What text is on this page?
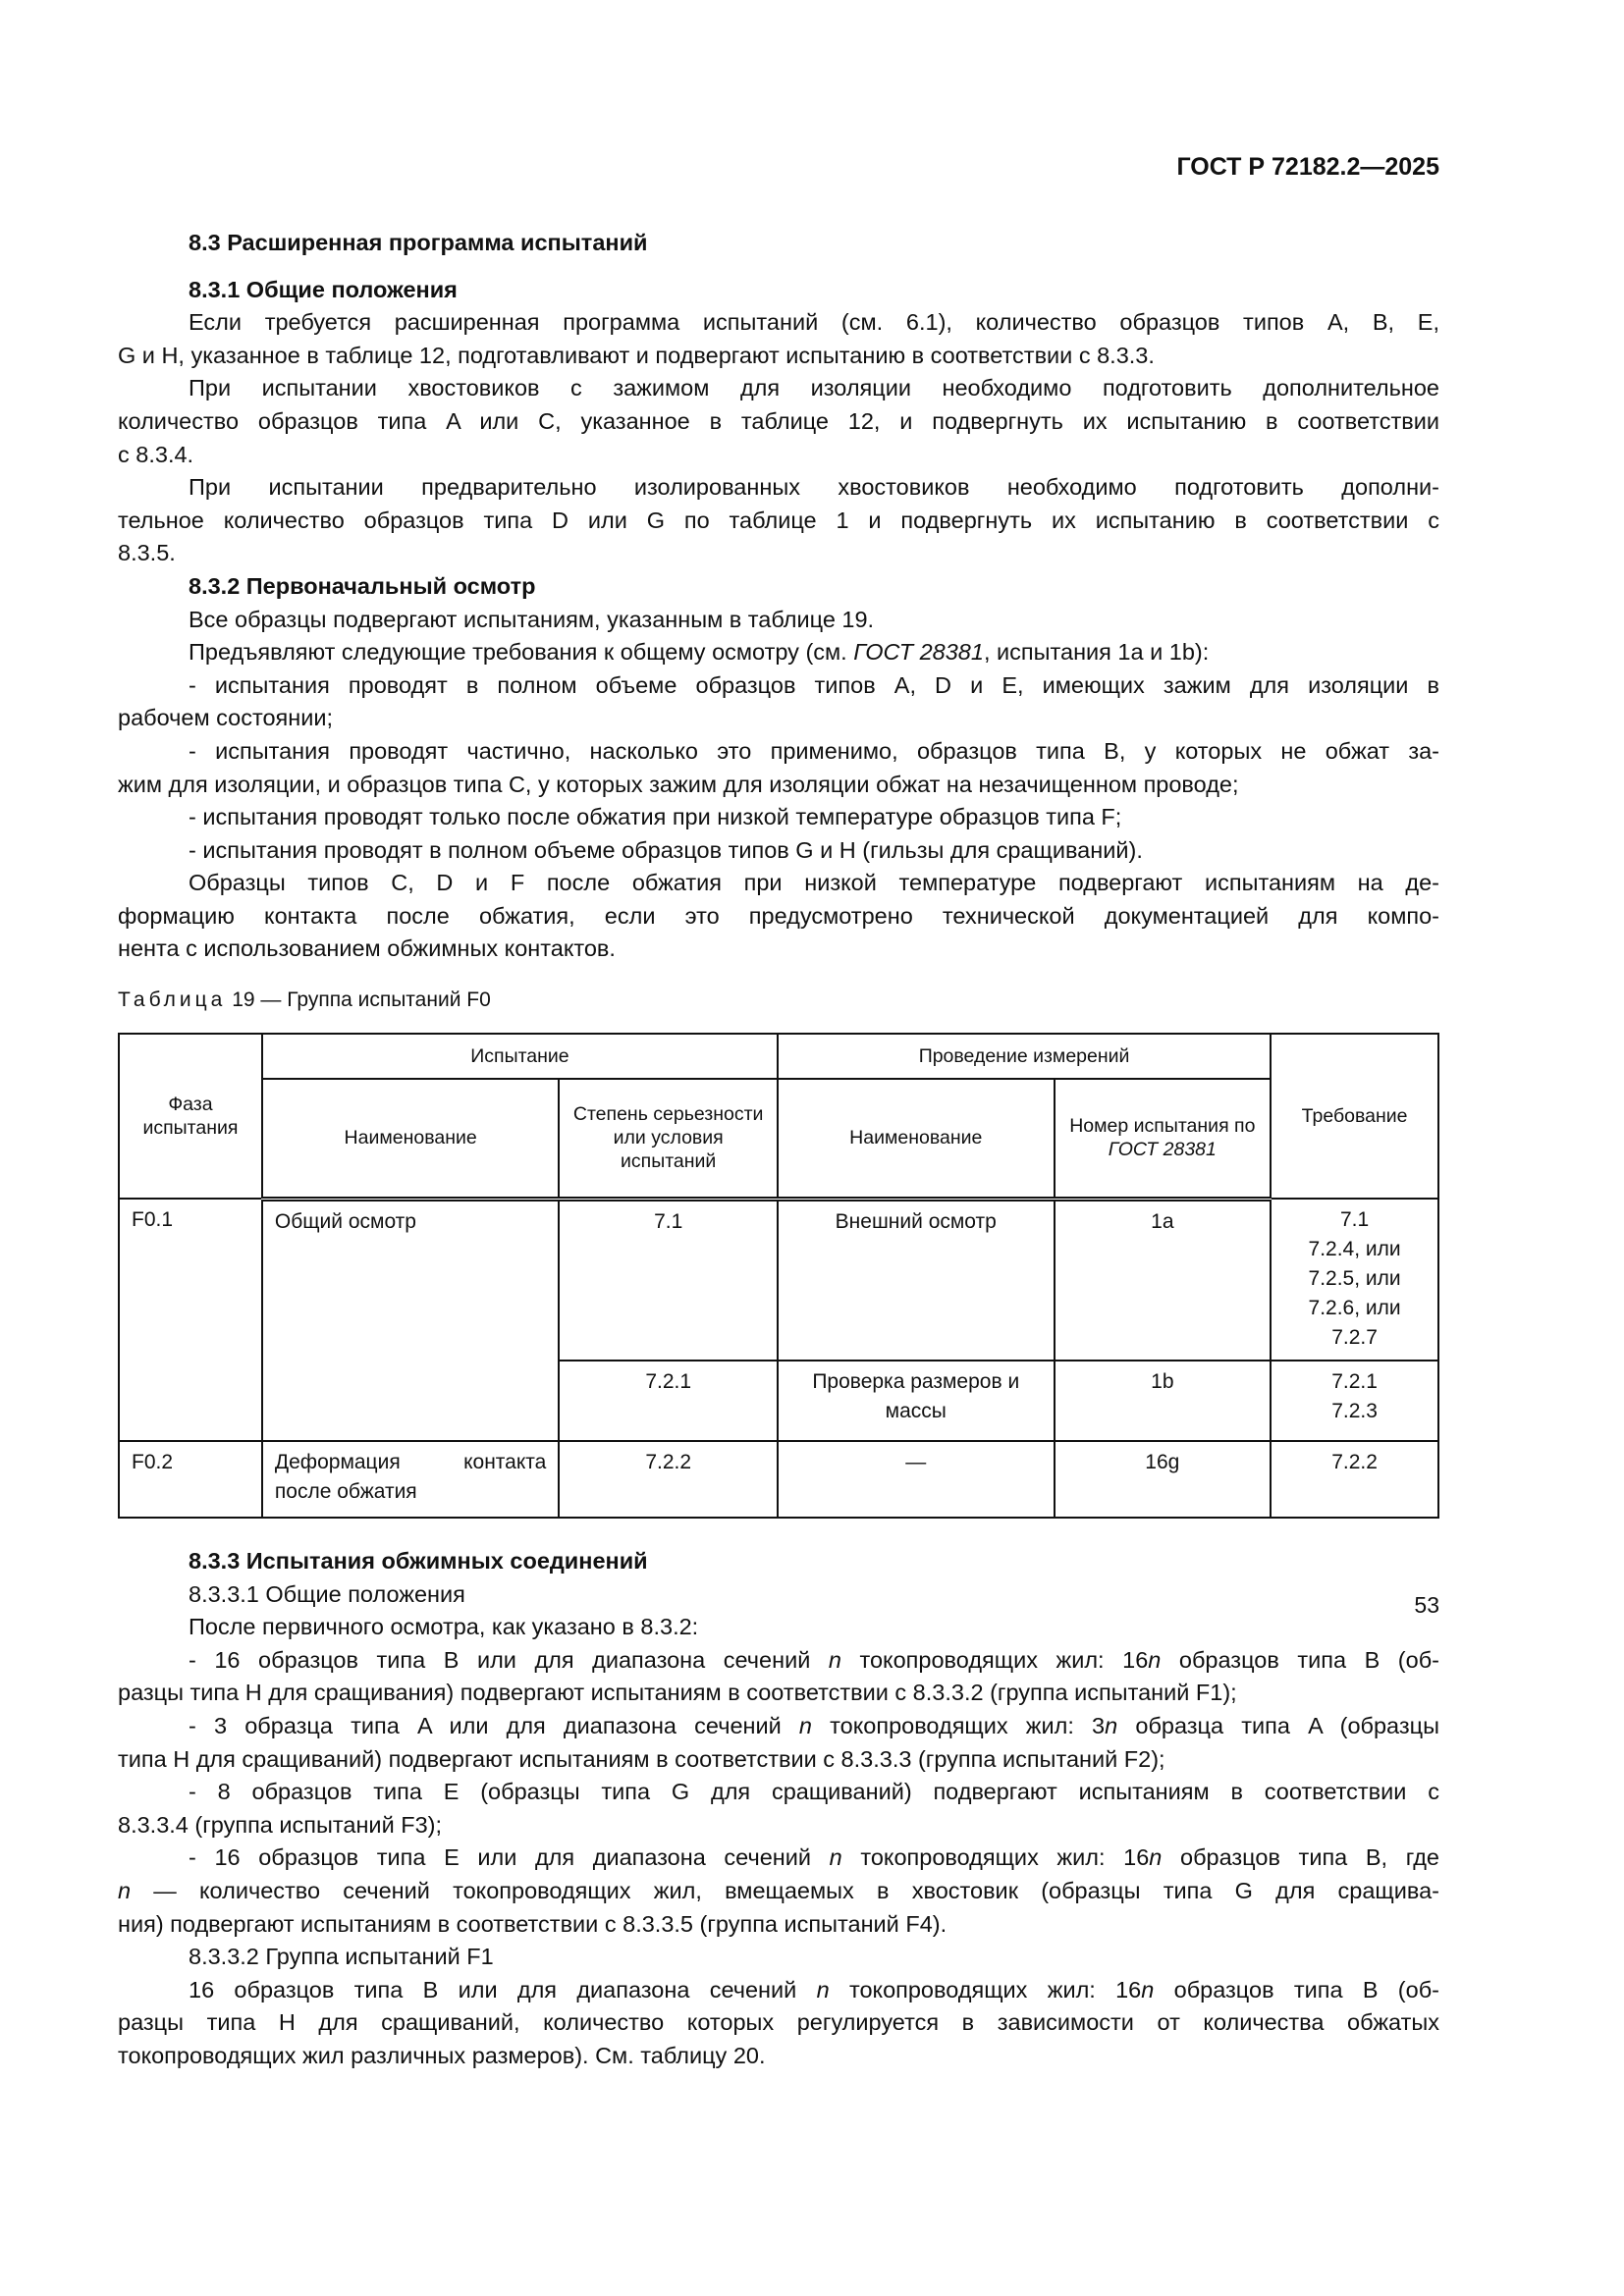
ГОСТ Р 72182.2—2025
8.3 Расширенная программа испытаний
8.3.1 Общие положения
Если требуется расширенная программа испытаний (см. 6.1), количество образцов типов A, B, E,
G и H, указанное в таблице 12, подготавливают и подвергают испытанию в соответствии с 8.3.3.
При испытании хвостовиков с зажимом для изоляции необходимо подготовить дополнительное
количество образцов типа A или C, указанное в таблице 12, и подвергнуть их испытанию в соответствии
с 8.3.4.
При испытании предварительно изолированных хвостовиков необходимо подготовить дополни-
тельное количество образцов типа D или G по таблице 1 и подвергнуть их испытанию в соответствии с
8.3.5.
8.3.2 Первоначальный осмотр
Все образцы подвергают испытаниям, указанным в таблице 19.
Предъявляют следующие требования к общему осмотру (см. ГОСТ 28381, испытания 1a и 1b):
- испытания проводят в полном объеме образцов типов A, D и E, имеющих зажим для изоляции в
рабочем состоянии;
- испытания проводят частично, насколько это применимо, образцов типа B, у которых не обжат за-
жим для изоляции, и образцов типа C, у которых зажим для изоляции обжат на незачищенном проводе;
- испытания проводят только после обжатия при низкой температуре образцов типа F;
- испытания проводят в полном объеме образцов типов G и H (гильзы для сращиваний).
Образцы типов C, D и F после обжатия при низкой температуре подвергают испытаниям на де-
формацию контакта после обжатия, если это предусмотрено технической документацией для компо-
нента с использованием обжимных контактов.
Таблица 19 — Группа испытаний F0
Фаза испытания	Испытание		Проведение измерений		Требование
	Наименование	Степень серьезности или условия испытаний	Наименование	Номер испытания по ГОСТ 28381	
F0.1	Общий осмотр	7.1	Внешний осмотр	1a	7.1
7.2.4, или
7.2.5, или
7.2.6, или
7.2.7
		7.2.1	Проверка размеров и массы	1b	7.2.1
7.2.3
F0.2	Деформация контакта после обжатия	7.2.2	—	16g	7.2.2
8.3.3 Испытания обжимных соединений
8.3.3.1 Общие положения
После первичного осмотра, как указано в 8.3.2:
- 16 образцов типа B или для диапазона сечений n токопроводящих жил: 16n образцов типа B (об-
разцы типа H для сращивания) подвергают испытаниям в соответствии с 8.3.3.2 (группа испытаний F1);
- 3 образца типа A или для диапазона сечений n токопроводящих жил: 3n образца типа A (образцы
типа H для сращиваний) подвергают испытаниям в соответствии с 8.3.3.3 (группа испытаний F2);
- 8 образцов типа E (образцы типа G для сращиваний) подвергают испытаниям в соответствии с
8.3.3.4 (группа испытаний F3);
- 16 образцов типа E или для диапазона сечений n токопроводящих жил: 16n образцов типа B, где
n — количество сечений токопроводящих жил, вмещаемых в хвостовик (образцы типа G для сращива-
ния) подвергают испытаниям в соответствии с 8.3.3.5 (группа испытаний F4).
8.3.3.2 Группа испытаний F1
16 образцов типа B или для диапазона сечений n токопроводящих жил: 16n образцов типа B (об-
разцы типа H для сращиваний, количество которых регулируется в зависимости от количества обжатых
токопроводящих жил различных размеров). См. таблицу 20.
53
